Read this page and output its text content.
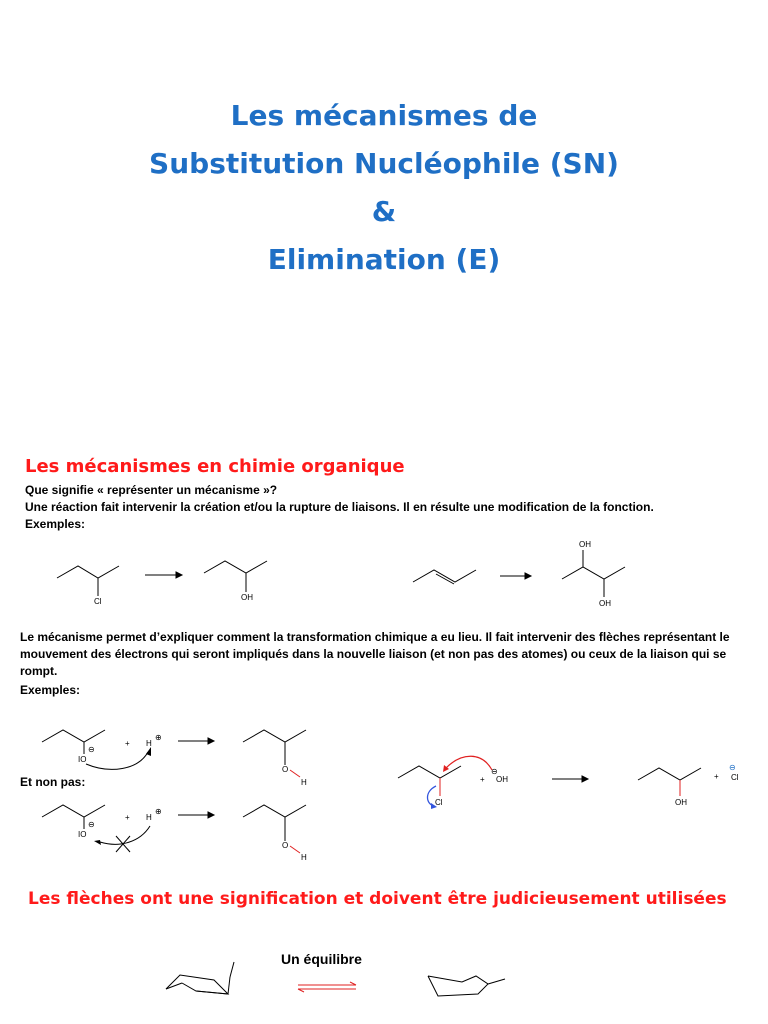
Les mécanismes de
Substitution Nucléophile (SN)
&
Elimination (E)
Les mécanismes en chimie organique
Que signifie « représenter un mécanisme »?
Une réaction fait intervenir la création et/ou la rupture de liaisons. Il en résulte une modification de la fonction.
Exemples:
Le mécanisme permet d’expliquer comment la transformation chimique a eu lieu. Il fait intervenir des flèches représentant le mouvement des électrons qui seront impliqués dans la nouvelle liaison (et non pas des atomes) ou ceux de la liaison qui se rompt.
Exemples:
Et non pas:
Les flèches ont une signification et doivent être judicieusement utilisées
Un équilibre
Cl	OH
OH
OH
IO
+ H
⊕
⊖
O
H
IO
⊖
+ H
⊕
O
H
Cl
+ OH
⊖
OH
+ Cl
⊖
